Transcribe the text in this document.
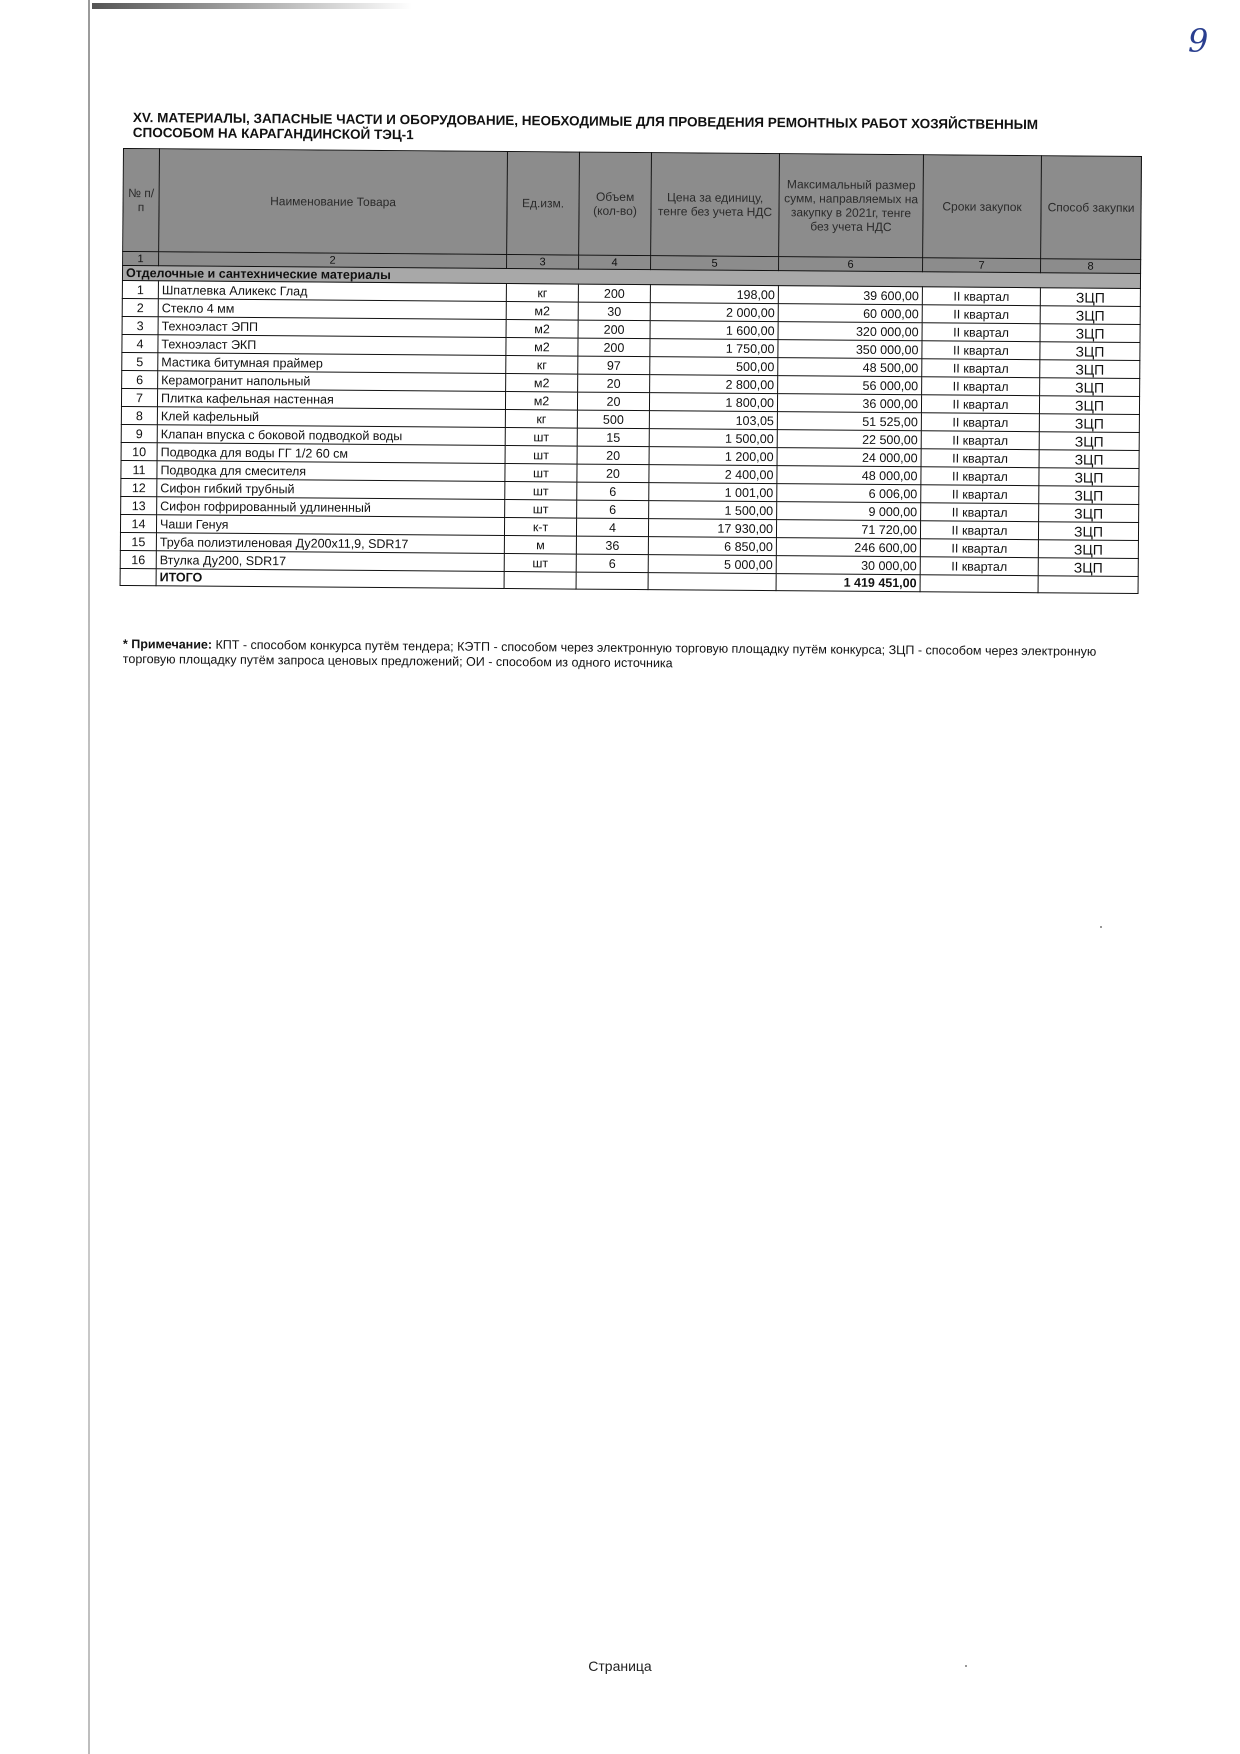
9
XV. МАТЕРИАЛЫ, ЗАПАСНЫЕ ЧАСТИ И ОБОРУДОВАНИЕ, НЕОБХОДИМЫЕ ДЛЯ ПРОВЕДЕНИЯ РЕМОНТНЫХ РАБОТ ХОЗЯЙСТВЕННЫМ СПОСОБОМ НА КАРАГАНДИНСКОЙ ТЭЦ-1
№ п/п	Наименование Товара	Ед.изм.	Объем (кол-во)	Цена за единицу, тенге без учета НДС	Максимальный размер сумм, направляемых на закупку в 2021г, тенге без учета НДС	Сроки закупок	Способ закупки
1	2	3	4	5	6	7	8
Отделочные и сантехнические материалы							
1	Шпатлевка Аликекс Глад	кг	200	198,00	39 600,00	II квартал	ЗЦП
2	Стекло 4 мм	м2	30	2 000,00	60 000,00	II квартал	ЗЦП
3	Техноэласт ЭПП	м2	200	1 600,00	320 000,00	II квартал	ЗЦП
4	Техноэласт ЭКП	м2	200	1 750,00	350 000,00	II квартал	ЗЦП
5	Мастика битумная праймер	кг	97	500,00	48 500,00	II квартал	ЗЦП
6	Керамогранит напольный	м2	20	2 800,00	56 000,00	II квартал	ЗЦП
7	Плитка кафельная настенная	м2	20	1 800,00	36 000,00	II квартал	ЗЦП
8	Клей кафельный	кг	500	103,05	51 525,00	II квартал	ЗЦП
9	Клапан впуска с боковой подводкой воды	шт	15	1 500,00	22 500,00	II квартал	ЗЦП
10	Подводка для воды ГГ 1/2 60 см	шт	20	1 200,00	24 000,00	II квартал	ЗЦП
11	Подводка для смесителя	шт	20	2 400,00	48 000,00	II квартал	ЗЦП
12	Сифон гибкий трубный	шт	6	1 001,00	6 006,00	II квартал	ЗЦП
13	Сифон гофрированный удлиненный	шт	6	1 500,00	9 000,00	II квартал	ЗЦП
14	Чаши Генуя	к-т	4	17 930,00	71 720,00	II квартал	ЗЦП
15	Труба полиэтиленовая Ду200х11,9, SDR17	м	36	6 850,00	246 600,00	II квартал	ЗЦП
16	Втулка Ду200, SDR17	шт	6	5 000,00	30 000,00	II квартал	ЗЦП
	ИТОГО				1 419 451,00		
* Примечание: КПТ - способом конкурса путём тендера; КЭТП - способом через электронную торговую площадку путём конкурса; ЗЦП - способом через электронную торговую площадку путём запроса ценовых предложений; ОИ - способом из одного источника
Страница
